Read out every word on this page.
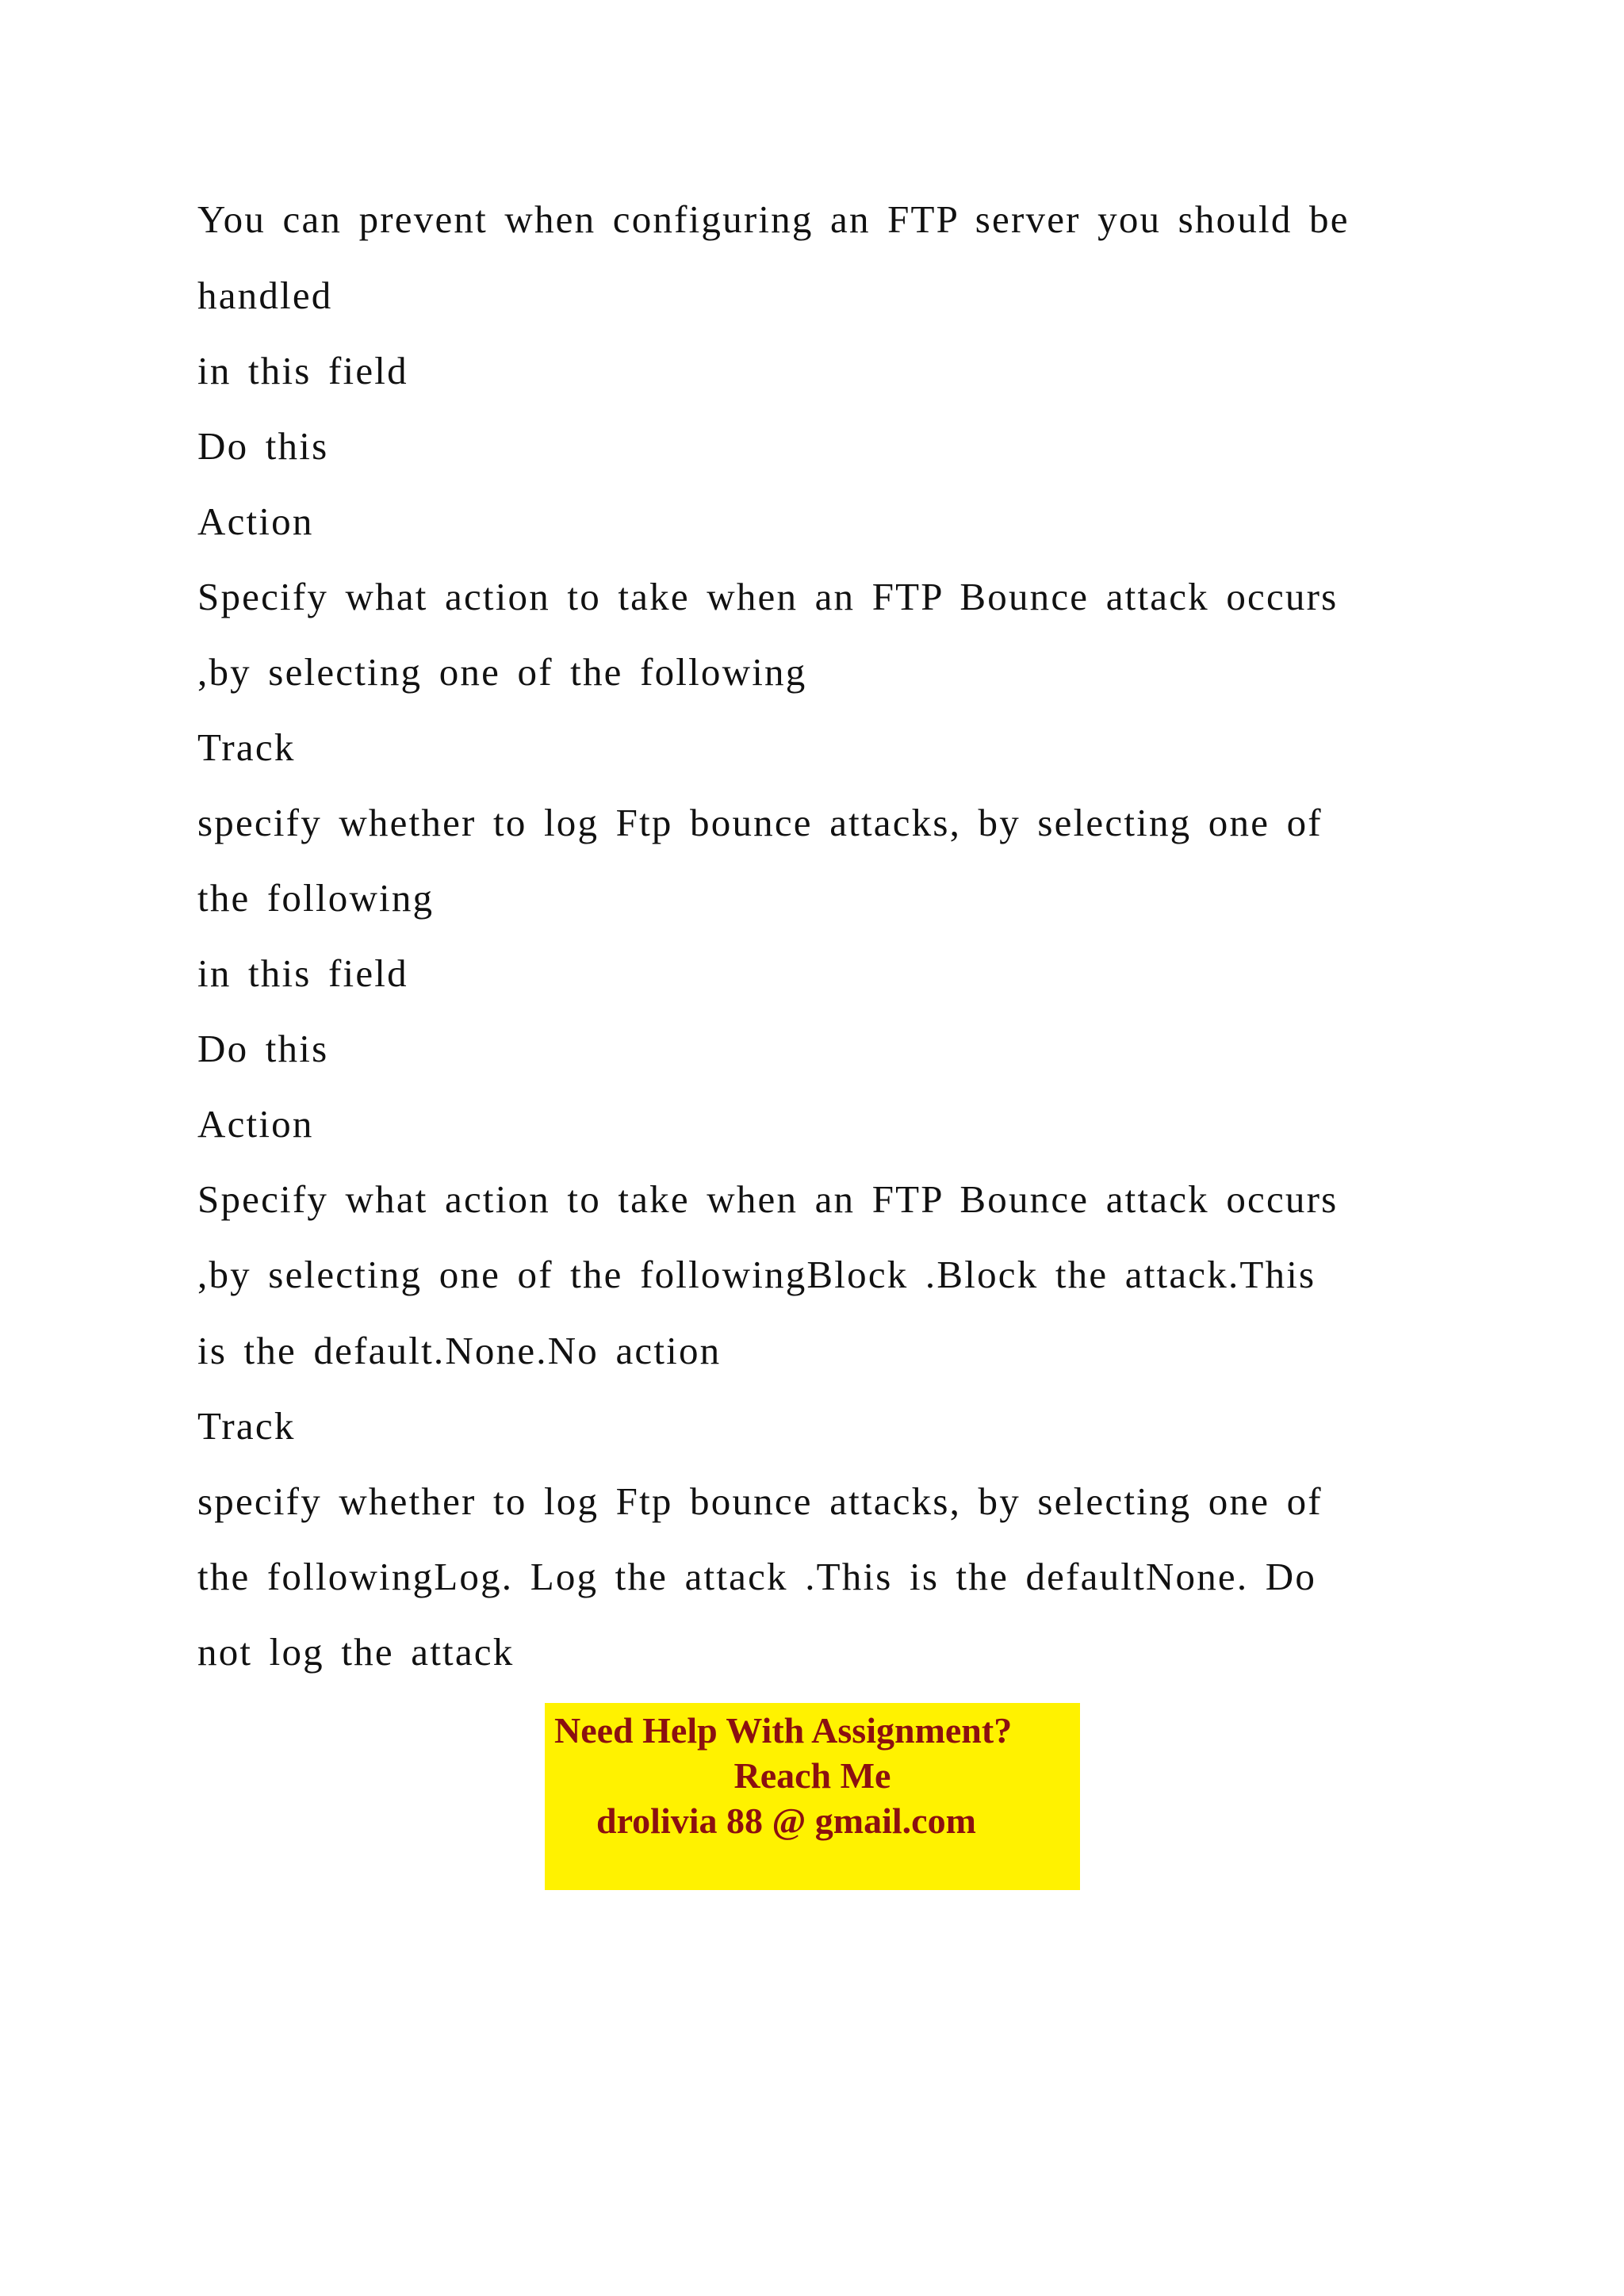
You can prevent when configuring an FTP server you should be

handled

in this field

Do this

Action

Specify what action to take when an FTP Bounce attack occurs

,by selecting one of the following

Track

specify whether to log Ftp bounce attacks, by selecting one of

the following

in this field

Do this

Action

Specify what action to take when an FTP Bounce attack occurs

,by selecting one of the followingBlock .Block the attack.This

is the default.None.No action

Track

specify whether to log Ftp bounce attacks, by selecting one of

the followingLog. Log the attack .This is the defaultNone. Do

not log the attack

Need Help With Assignment?
Reach Me
drolivia 88 @ gmail.com
